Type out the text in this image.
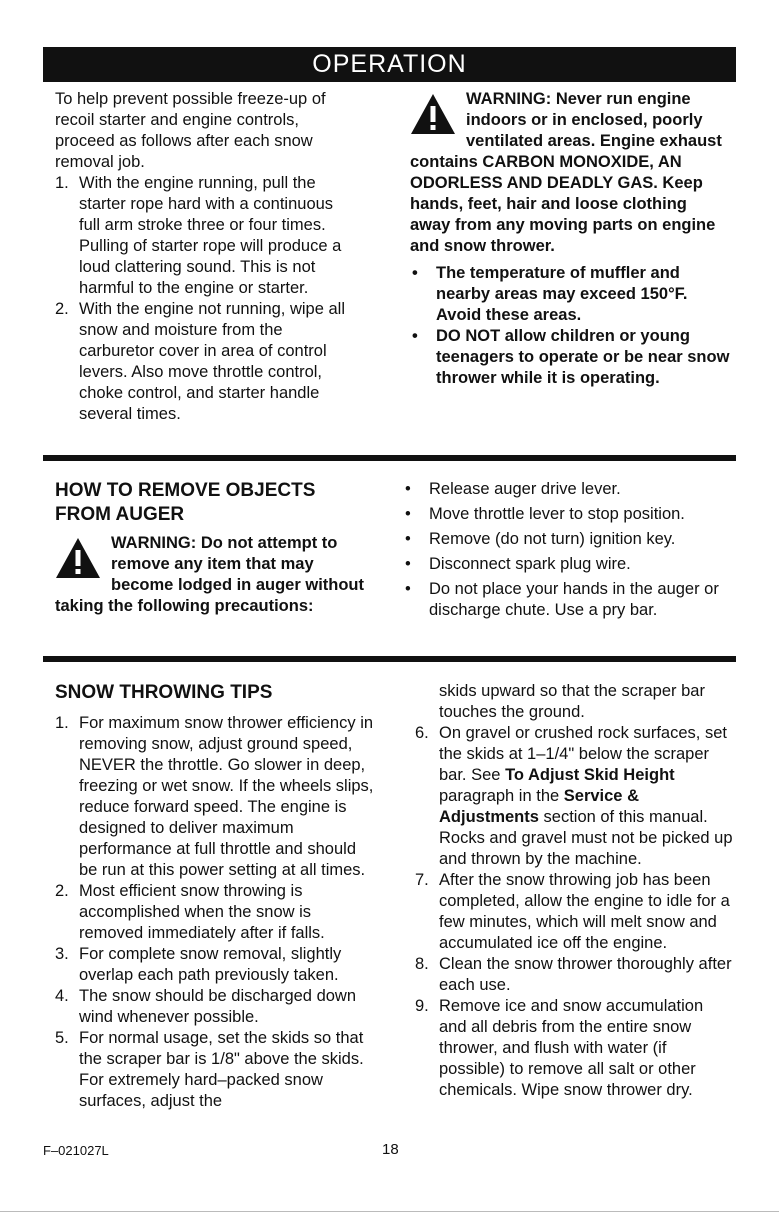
OPERATION

To help prevent possible freeze-up of recoil starter and engine controls, proceed as follows after each snow removal job.

1. With the engine running, pull the starter rope hard with a continuous full arm stroke three or four times. Pulling of starter rope will produce a loud clattering sound. This is not harmful to the engine or starter.
2. With the engine not running, wipe all snow and moisture from the carburetor cover in area of control levers. Also move throttle control, choke control, and starter handle several times.

WARNING: Never run engine indoors or in enclosed, poorly ventilated areas. Engine exhaust contains CARBON MONOXIDE, AN ODORLESS AND DEADLY GAS. Keep hands, feet, hair and loose clothing away from any moving parts on engine and snow thrower.

• The temperature of muffler and nearby areas may exceed 150°F. Avoid these areas.
• DO NOT allow children or young teenagers to operate or be near snow thrower while it is operating.
HOW TO REMOVE OBJECTS FROM AUGER

WARNING: Do not attempt to remove any item that may become lodged in auger without taking the following precautions:

• Release auger drive lever.
• Move throttle lever to stop position.
• Remove (do not turn) ignition key.
• Disconnect spark plug wire.
• Do not place your hands in the auger or discharge chute. Use a pry bar.
SNOW THROWING TIPS
1. For maximum snow thrower efficiency in removing snow, adjust ground speed, NEVER the throttle. Go slower in deep, freezing or wet snow. If the wheels slips, reduce forward speed. The engine is designed to deliver maximum performance at full throttle and should be run at this power setting at all times.
2. Most efficient snow throwing is accomplished when the snow is removed immediately after if falls.
3. For complete snow removal, slightly overlap each path previously taken.
4. The snow should be discharged down wind whenever possible.
5. For normal usage, set the skids so that the scraper bar is 1/8" above the skids. For extremely hard–packed snow surfaces, adjust the
skids upward so that the scraper bar touches the ground.
6. On gravel or crushed rock surfaces, set the skids at 1–1/4" below the scraper bar. See To Adjust Skid Height paragraph in the Service & Adjustments section of this manual. Rocks and gravel must not be picked up and thrown by the machine.
7. After the snow throwing job has been completed, allow the engine to idle for a few minutes, which will melt snow and accumulated ice off the engine.
8. Clean the snow thrower thoroughly after each use.
9. Remove ice and snow accumulation and all debris from the entire snow thrower, and flush with water (if possible) to remove all salt or other chemicals. Wipe snow thrower dry.
F–021027L	18
